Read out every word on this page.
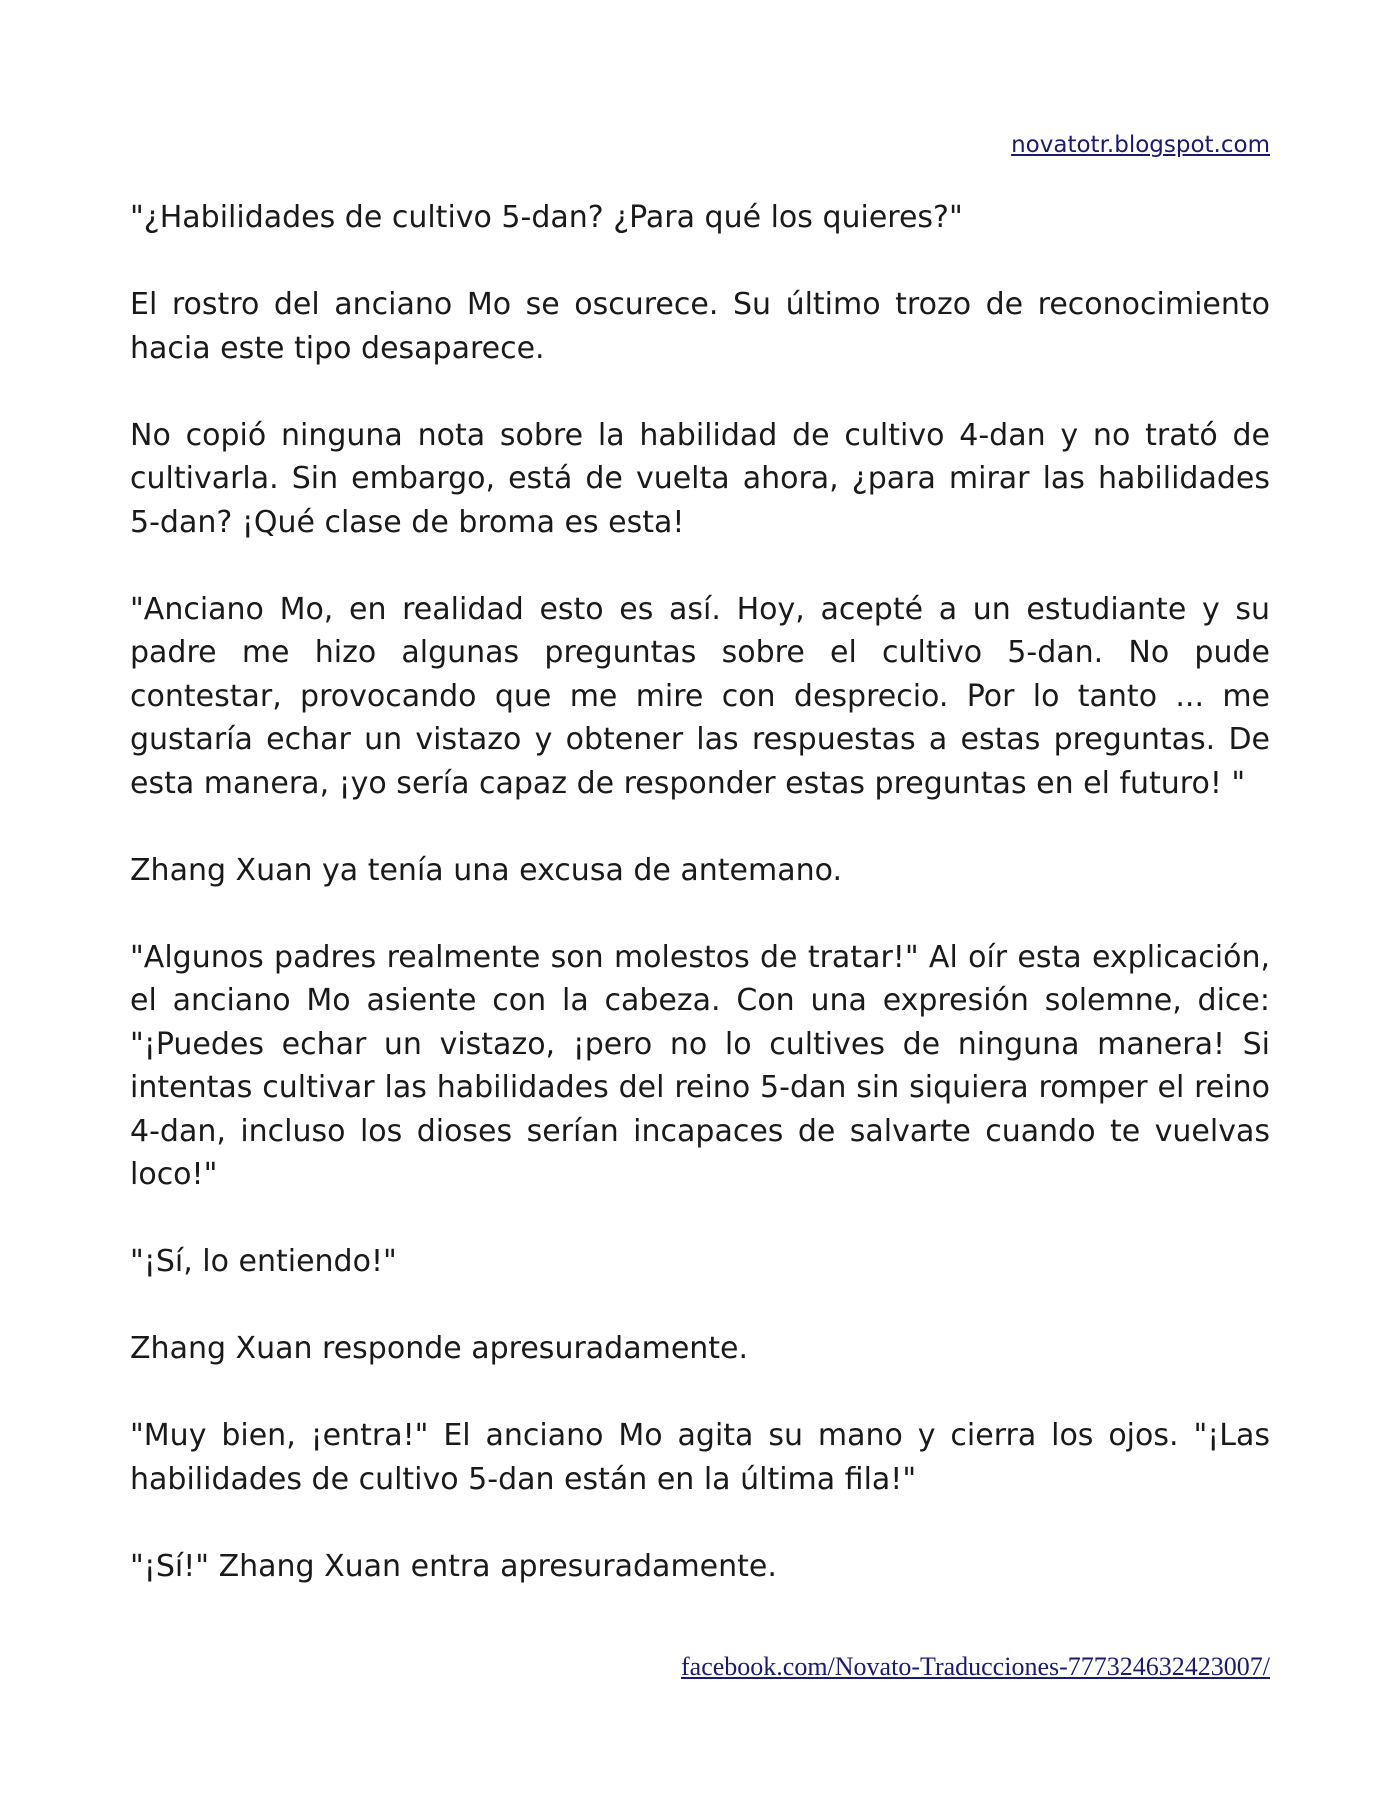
novatotr.blogspot.com

"¿Habilidades de cultivo 5-dan? ¿Para qué los quieres?"

El rostro del anciano Mo se oscurece. Su último trozo de reconocimiento hacia este tipo desaparece.

No copió ninguna nota sobre la habilidad de cultivo 4-dan y no trató de cultivarla. Sin embargo, está de vuelta ahora, ¿para mirar las habilidades 5-dan? ¡Qué clase de broma es esta!

"Anciano Mo, en realidad esto es así. Hoy, acepté a un estudiante y su padre me hizo algunas preguntas sobre el cultivo 5-dan. No pude contestar, provocando que me mire con desprecio. Por lo tanto ... me gustaría echar un vistazo y obtener las respuestas a estas preguntas. De esta manera, ¡yo sería capaz de responder estas preguntas en el futuro! "

Zhang Xuan ya tenía una excusa de antemano.

"Algunos padres realmente son molestos de tratar!" Al oír esta explicación, el anciano Mo asiente con la cabeza. Con una expresión solemne, dice: "¡Puedes echar un vistazo, ¡pero no lo cultives de ninguna manera! Si intentas cultivar las habilidades del reino 5-dan sin siquiera romper el reino 4-dan, incluso los dioses serían incapaces de salvarte cuando te vuelvas loco!"

"¡Sí, lo entiendo!"

Zhang Xuan responde apresuradamente.

"Muy bien, ¡entra!" El anciano Mo agita su mano y cierra los ojos. "¡Las habilidades de cultivo 5-dan están en la última fila!"

"¡Sí!" Zhang Xuan entra apresuradamente.

facebook.com/Novato-Traducciones-777324632423007/
